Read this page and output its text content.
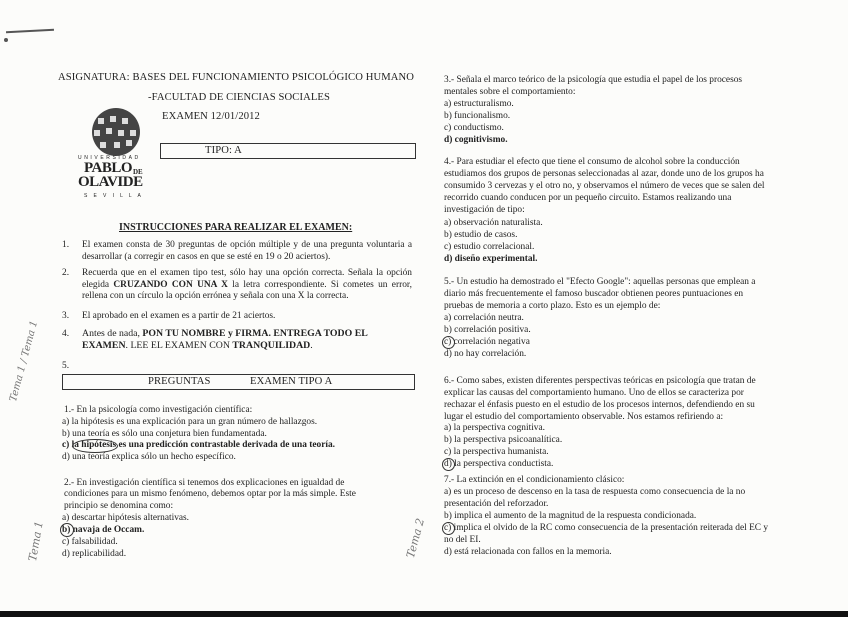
ASIGNATURA: BASES DEL FUNCIONAMIENTO PSICOLÓGICO HUMANO
-FACULTAD DE CIENCIAS SOCIALES
EXAMEN 12/01/2012
UNIVERSIDAD
PABLO DE
OLAVIDE
S E V I L L A
TIPO: A
INSTRUCCIONES PARA REALIZAR EL EXAMEN:
1. El examen consta de 30 preguntas de opción múltiple y de una pregunta voluntaria a desarrollar (a corregir en casos en que se esté en 19 o 20 aciertos).

2. Recuerda que en el examen tipo test, sólo hay una opción correcta. Señala la opción elegida CRUZANDO CON UNA X la letra correspondiente. Si cometes un error, rellena con un círculo la opción errónea y señala con una X la correcta.

3. El aprobado en el examen es a partir de 21 aciertos.
4. Antes de nada, PON TU NOMBRE y FIRMA. ENTREGA TODO EL EXAMEN. LEE EL EXAMEN CON TRANQUILIDAD.

5.
PREGUNTAS	EXAMEN TIPO A
1.- En la psicología como investigación científica:
a) la hipótesis es una explicación para un gran número de hallazgos.
b) una teoría es sólo una conjetura bien fundamentada.
c) la hipótesis es una predicción contrastable derivada de una teoría.
d) una teoría explica sólo un hecho específico.
2.- En investigación científica si tenemos dos explicaciones en igualdad de
condiciones para un mismo fenómeno, debemos optar por la más simple. Este
principio se denomina como:
a) descartar hipótesis alternativas.
b) navaja de Occam.
c) falsabilidad.
d) replicabilidad.
3.- Señala el marco teórico de la psicología que estudia el papel de los procesos
mentales sobre el comportamiento:
a) estructuralismo.
b) funcionalismo.
c) conductismo.
d) cognitivismo.
4.- Para estudiar el efecto que tiene el consumo de alcohol sobre la conducción
estudiamos dos grupos de personas seleccionadas al azar, donde uno de los grupos ha
consumido 3 cervezas y el otro no, y observamos el número de veces que se salen del
recorrido cuando conducen por un pequeño circuito. Estamos realizando una
investigación de tipo:
a) observación naturalista.
b) estudio de casos.
c) estudio correlacional.
d) diseño experimental.
5.- Un estudio ha demostrado el "Efecto Google": aquellas personas que emplean a
diario más frecuentemente el famoso buscador obtienen peores puntuaciones en
pruebas de memoria a corto plazo. Esto es un ejemplo de:
a) correlación neutra.
b) correlación positiva.
c) correlación negativa
d) no hay correlación.
6.- Como sabes, existen diferentes perspectivas teóricas en psicología que tratan de
explicar las causas del comportamiento humano. Uno de ellos se caracteriza por
rechazar el énfasis puesto en el estudio de los procesos internos, defendiendo en su
lugar el estudio del comportamiento observable. Nos estamos refiriendo a:
a) la perspectiva cognitiva.
b) la perspectiva psicoanalítica.
c) la perspectiva humanista.
d) la perspectiva conductista.
7.- La extinción en el condicionamiento clásico:
a) es un proceso de descenso en la tasa de respuesta como consecuencia de la no
presentación del reforzador.
b) implica el aumento de la magnitud de la respuesta condicionada.
c) implica el olvido de la RC como consecuencia de la presentación reiterada del EC y
no del EI.
d) está relacionada con fallos en la memoria.
Tema 1 / Tema 1
Tema 1	Tema 2
